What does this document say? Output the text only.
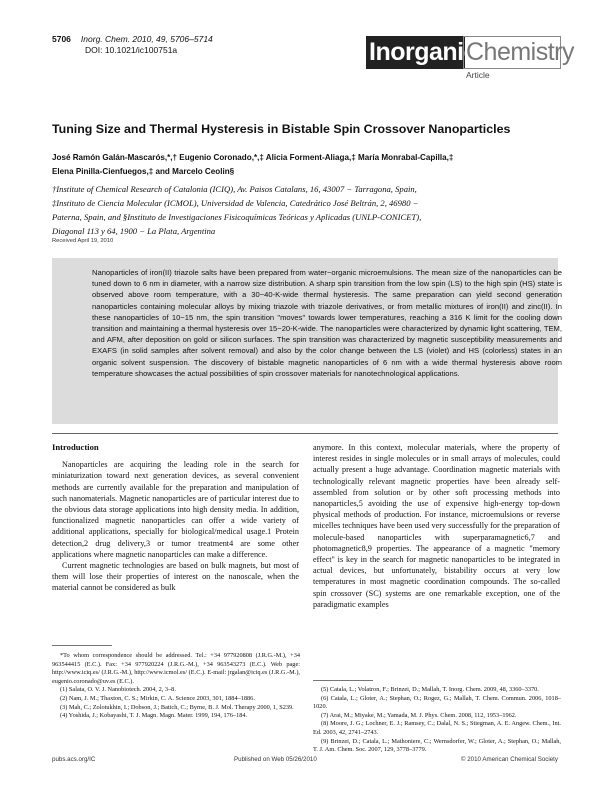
5706 Inorg. Chem. 2010, 49, 5706–5714
DOI: 10.1021/ic100751a	Inorganic
Chemistry
Article
Tuning Size and Thermal Hysteresis in Bistable Spin Crossover Nanoparticles
José Ramón Galán-Mascarós,*,† Eugenio Coronado,*,‡ Alicia Forment-Aliaga,‡ María Monrabal-Capilla,‡
Elena Pinilla-Cienfuegos,‡ and Marcelo Ceolin§
†Institute of Chemical Research of Catalonia (ICIQ), Av. Paisos Catalans, 16, 43007 − Tarragona, Spain,
‡Instituto de Ciencia Molecular (ICMOL), Universidad de Valencia, Catedrático José Beltrán, 2, 46980 −
Paterna, Spain, and §Instituto de Investigaciones Fisicoquímicas Teóricas y Aplicadas (UNLP-CONICET),
Diagonal 113 y 64, 1900 − La Plata, Argentina
Received April 19, 2010
Nanoparticles of iron(II) triazole salts have been prepared from water−organic microemulsions. The mean size of the nanoparticles can be tuned down to 6 nm in diameter, with a narrow size distribution. A sharp spin transition from the low spin (LS) to the high spin (HS) state is observed above room temperature, with a 30−40-K-wide thermal hysteresis. The same preparation can yield second generation nanoparticles containing molecular alloys by mixing triazole with triazole derivatives, or from metallic mixtures of iron(II) and zinc(II). In these nanoparticles of 10−15 nm, the spin transition "moves" towards lower temperatures, reaching a 316 K limit for the cooling down transition and maintaining a thermal hysteresis over 15−20-K-wide. The nanoparticles were characterized by dynamic light scattering, TEM, and AFM, after deposition on gold or silicon surfaces. The spin transition was characterized by magnetic susceptibility measurements and EXAFS (in solid samples after solvent removal) and also by the color change between the LS (violet) and HS (colorless) states in an organic solvent suspension. The discovery of bistable magnetic nanoparticles of 6 nm with a wide thermal hysteresis above room temperature showcases the actual possibilities of spin crossover materials for nanotechnological applications.
Introduction

Nanoparticles are acquiring the leading role in the search for miniaturization toward next generation devices, as several convenient methods are currently available for the preparation and manipulation of such nanomaterials. Magnetic nanoparticles are of particular interest due to the obvious data storage applications into high density media. In addition, functionalized magnetic nanoparticles can offer a wide variety of additional applications, specially for biological/medical usage.1 Protein detection,2 drug delivery,3 or tumor treatment4 are some other applications where magnetic nanoparticles can make a difference.

Current magnetic technologies are based on bulk magnets, but most of them will lose their properties of interest on the nanoscale, when the material cannot be considered as bulk

anymore. In this context, molecular materials, where the property of interest resides in single molecules or in small arrays of molecules, could actually present a huge advantage. Coordination magnetic materials with technologically relevant magnetic properties have been already self-assembled from solution or by other soft processing methods into nanoparticles,5 avoiding the use of expensive high-energy top-down physical methods of production. For instance, microemulsions or reverse micelles techniques have been used very successfully for the preparation of molecule-based nanoparticles with superparamagnetic6,7 and photomagnetic8,9 properties. The appearance of a magnetic "memory effect" is key in the search for magnetic nanoparticles to be integrated in actual devices, but unfortunately, bistability occurs at very low temperatures in most magnetic coordination compounds. The so-called spin crossover (SC) systems are one remarkable exception, one of the paradigmatic examples

*To whom correspondence should be addressed. Tel.: +34 977920808 (J.R.G.-M.), +34 963544415 (E.C.). Fax: +34 977920224 (J.R.G.-M.), +34 963543273 (E.C.). Web page: http://www.iciq.es/ (J.R.G.-M.), http://www.icmol.es/ (E.C.). E-mail: jrgalan@iciq.es (J.R.G.-M.), eugenio.coronado@uv.es (E.C.).
(1) Salata, O. V. J. Nanobiotech. 2004, 2, 3–8.
(2) Nam, J. M.; Thaxton, C. S.; Mirkin, C. A. Science 2003, 301, 1884–1886.
(3) Mah, C.; Zolotukhin, I.; Dobson, J.; Batich, C.; Byrne, B. J. Mol. Therapy 2000, 1, S239.
(4) Yoshida, J.; Kobayashi, T. J. Magn. Magn. Mater. 1999, 194, 176–184.
(5) Catala, L.; Volatron, F.; Brinzei, D.; Mallah, T. Inorg. Chem. 2009, 48, 3360–3370.
(6) Catala, L.; Gloter, A.; Stephan, O.; Rogez, G.; Mallah, T. Chem. Commun. 2006, 1018–1020.
(7) Arai, M.; Miyake, M.; Yamada, M. J. Phys. Chem. 2008, 112, 1953–1962.
(8) Moore, J. G.; Lochner, E. J.; Ramsey, C.; Dalal, N. S.; Stiegman, A. E. Angew. Chem., Int. Ed. 2003, 42, 2741–2743.
(9) Brinzei, D.; Catala, L.; Mathoniere, C.; Wernsdorfer, W.; Gloter, A.; Stephan, O.; Mallah, T. J. Am. Chem. Soc. 2007, 129, 3778–3779.
pubs.acs.org/IC	Published on Web 05/26/2010	© 2010 American Chemical Society
